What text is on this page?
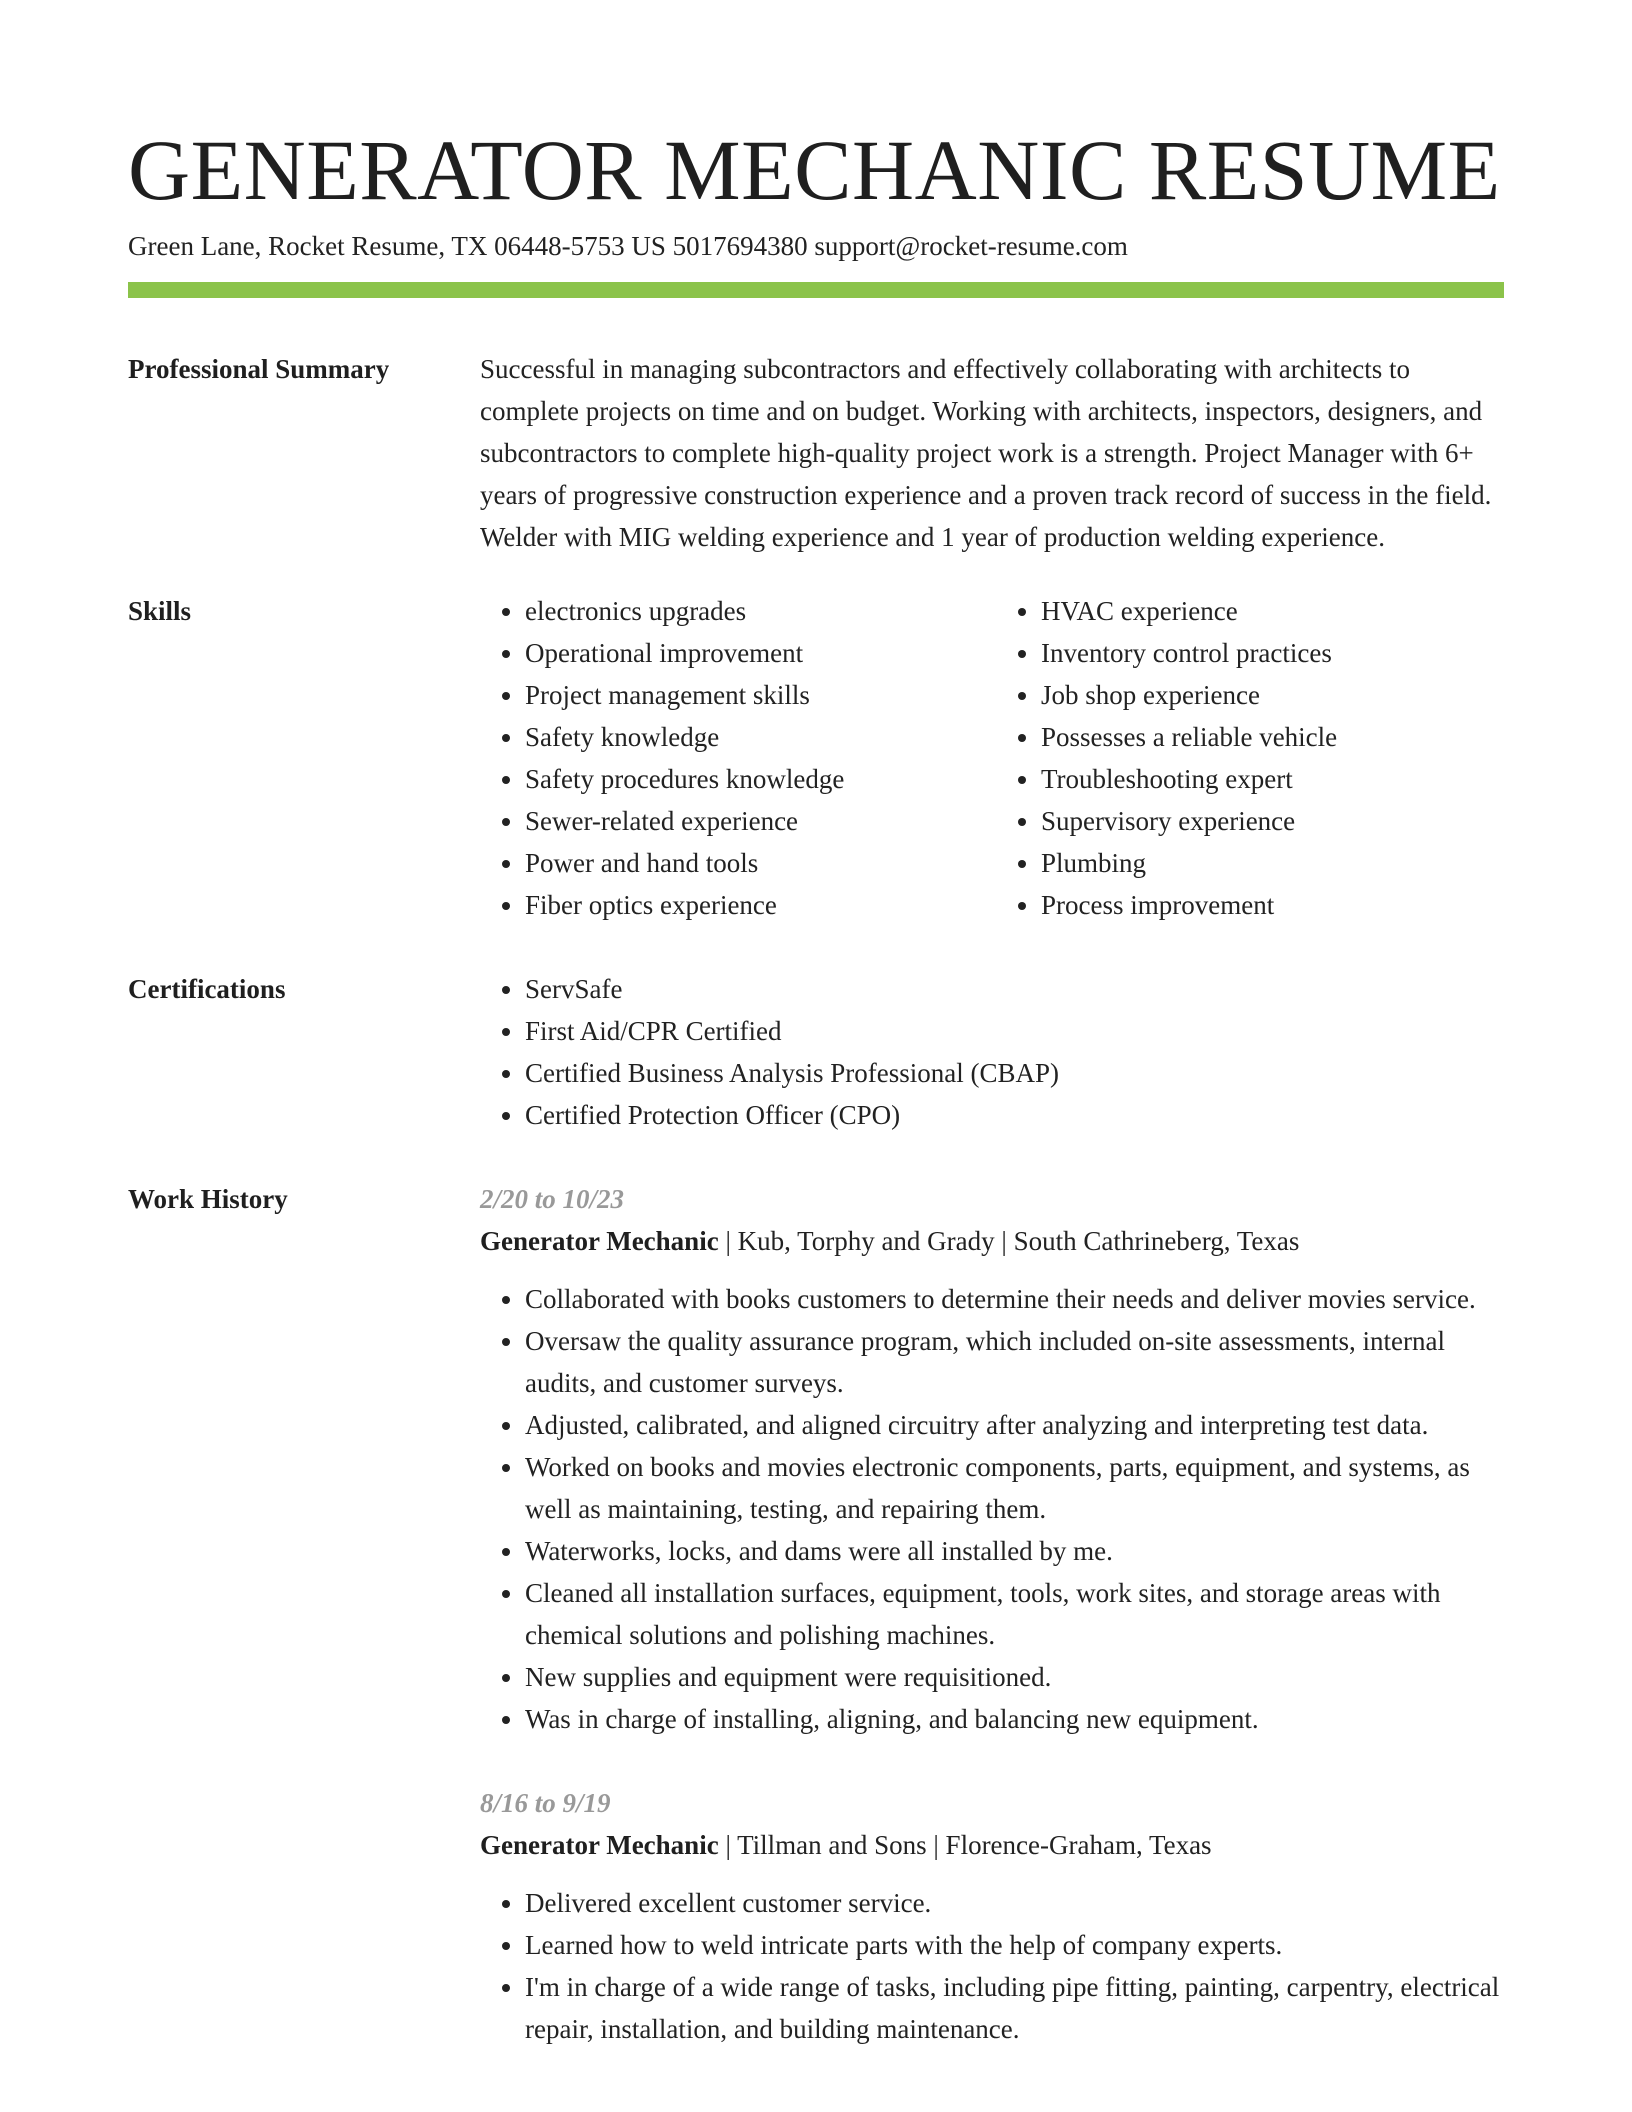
GENERATOR MECHANIC RESUME
Green Lane, Rocket Resume, TX 06448-5753 US 5017694380 support@rocket-resume.com
Professional Summary	Successful in managing subcontractors and effectively collaborating with architects to complete projects on time and on budget. Working with architects, inspectors, designers, and subcontractors to complete high-quality project work is a strength. Project Manager with 6+ years of progressive construction experience and a proven track record of success in the field. Welder with MIG welding experience and 1 year of production welding experience.
Skills	• electronics upgrades
• Operational improvement
• Project management skills
• Safety knowledge
• Safety procedures knowledge
• Sewer-related experience
• Power and hand tools
• Fiber optics experience
• HVAC experience
• Inventory control practices
• Job shop experience
• Possesses a reliable vehicle
• Troubleshooting expert
• Supervisory experience
• Plumbing
• Process improvement
Certifications	• ServSafe
• First Aid/CPR Certified
• Certified Business Analysis Professional (CBAP)
• Certified Protection Officer (CPO)
Work History	2/20 to 10/23
Generator Mechanic | Kub, Torphy and Grady | South Cathrineberg, Texas
• Collaborated with books customers to determine their needs and deliver movies service.
• Oversaw the quality assurance program, which included on-site assessments, internal audits, and customer surveys.
• Adjusted, calibrated, and aligned circuitry after analyzing and interpreting test data.
• Worked on books and movies electronic components, parts, equipment, and systems, as well as maintaining, testing, and repairing them.
• Waterworks, locks, and dams were all installed by me.
• Cleaned all installation surfaces, equipment, tools, work sites, and storage areas with chemical solutions and polishing machines.
• New supplies and equipment were requisitioned.
• Was in charge of installing, aligning, and balancing new equipment.
8/16 to 9/19
Generator Mechanic | Tillman and Sons | Florence-Graham, Texas
• Delivered excellent customer service.
• Learned how to weld intricate parts with the help of company experts.
• I'm in charge of a wide range of tasks, including pipe fitting, painting, carpentry, electrical repair, installation, and building maintenance.
